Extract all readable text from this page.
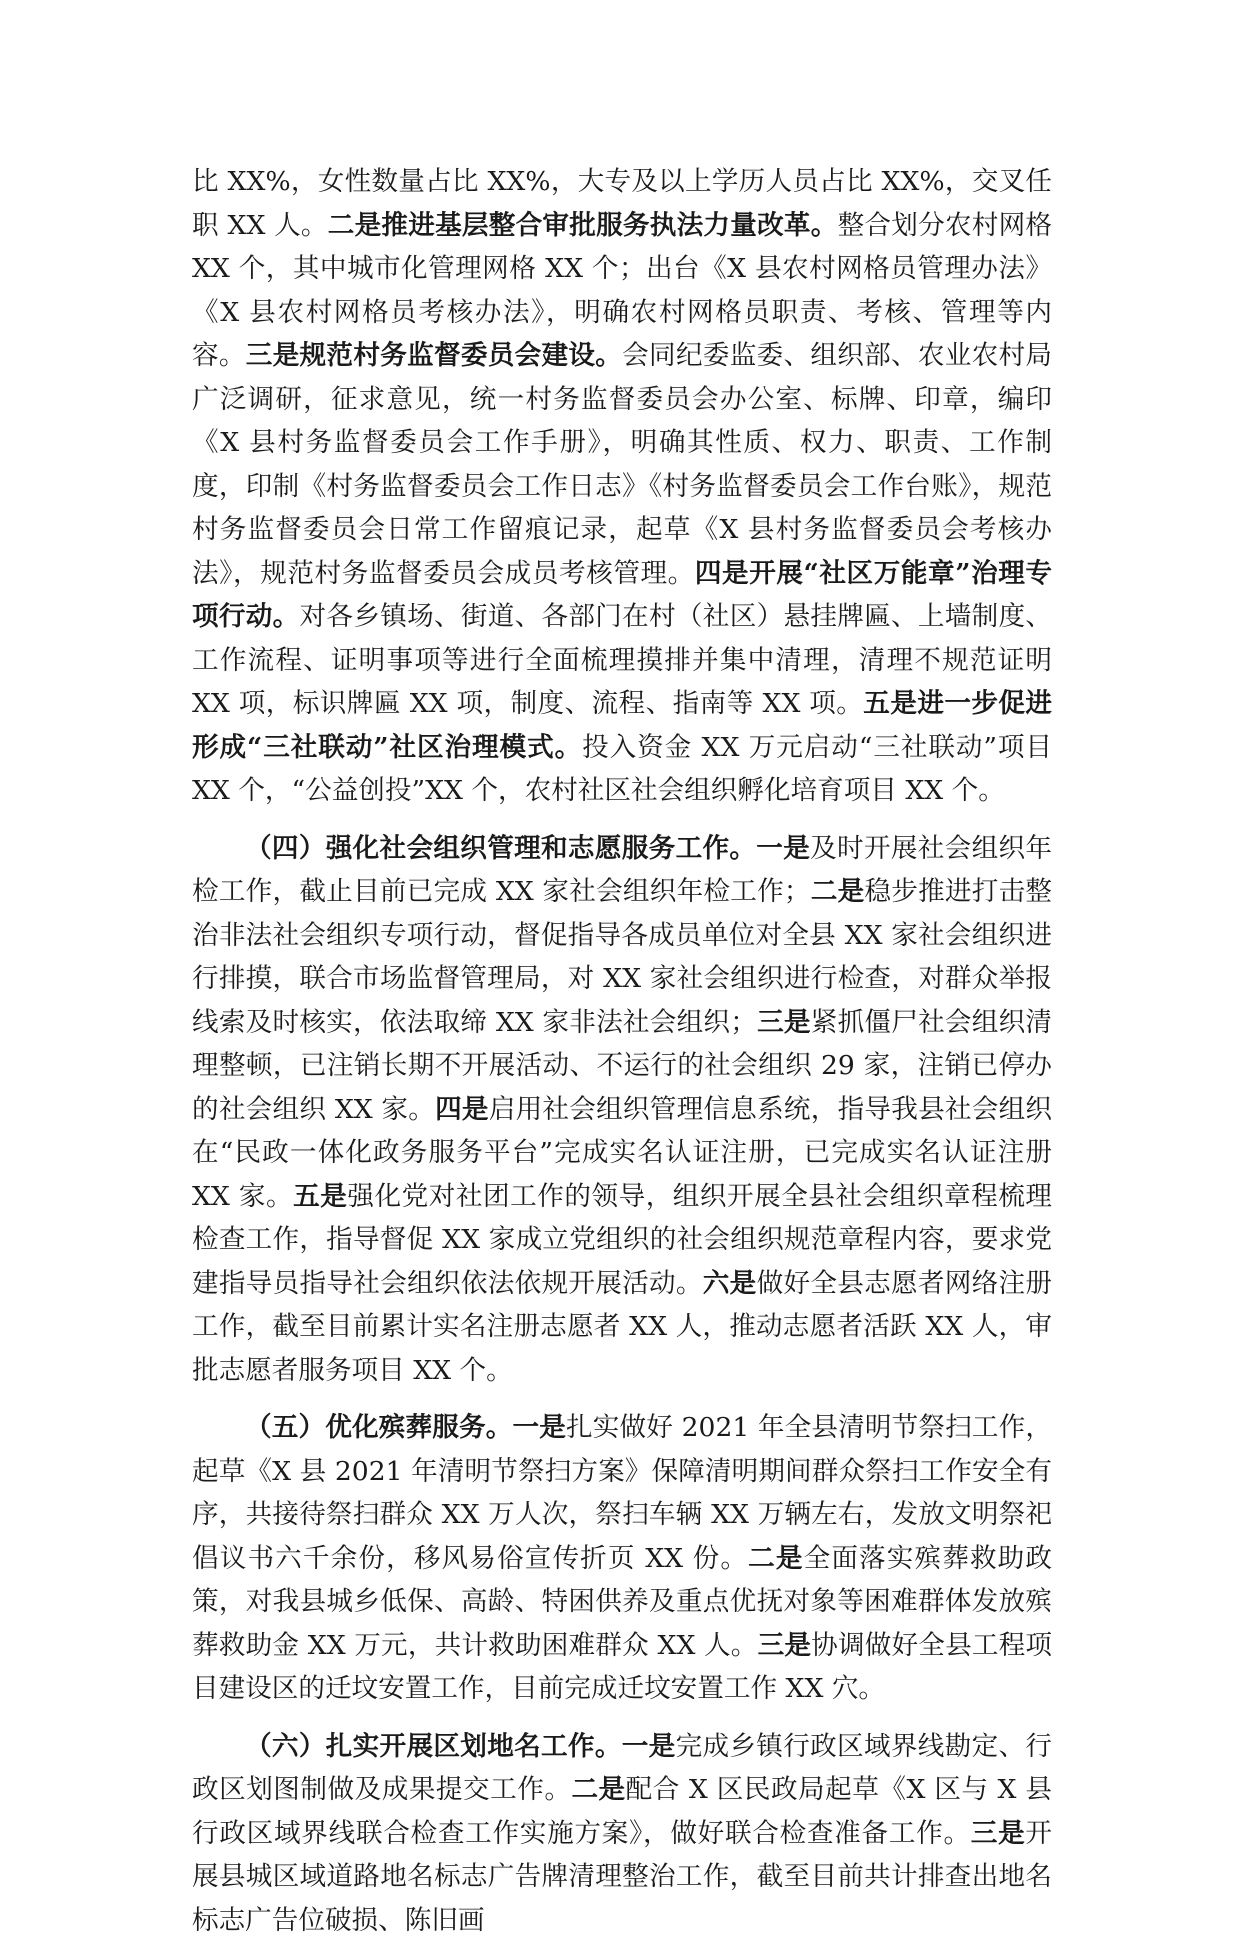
比 XX%，女性数量占比 XX%，大专及以上学历人员占比 XX%，交叉任职 XX 人。二是推进基层整合审批服务执法力量改革。整合划分农村网格 XX 个，其中城市化管理网格 XX 个；出台《X 县农村网格员管理办法》《X 县农村网格员考核办法》，明确农村网格员职责、考核、管理等内容。三是规范村务监督委员会建设。会同纪委监委、组织部、农业农村局广泛调研，征求意见，统一村务监督委员会办公室、标牌、印章，编印《X 县村务监督委员会工作手册》，明确其性质、权力、职责、工作制度，印制《村务监督委员会工作日志》《村务监督委员会工作台账》，规范村务监督委员会日常工作留痕记录，起草《X 县村务监督委员会考核办法》，规范村务监督委员会成员考核管理。四是开展“社区万能章”治理专项行动。对各乡镇场、街道、各部门在村（社区）悬挂牌匾、上墙制度、工作流程、证明事项等进行全面梳理摸排并集中清理，清理不规范证明 XX 项，标识牌匾 XX 项，制度、流程、指南等 XX 项。五是进一步促进形成“三社联动”社区治理模式。投入资金 XX 万元启动“三社联动”项目 XX 个，“公益创投”XX 个，农村社区社会组织孵化培育项目 XX 个。

（四）强化社会组织管理和志愿服务工作。一是及时开展社会组织年检工作，截止目前已完成 XX 家社会组织年检工作；二是稳步推进打击整治非法社会组织专项行动，督促指导各成员单位对全县 XX 家社会组织进行排摸，联合市场监督管理局，对 XX 家社会组织进行检查，对群众举报线索及时核实，依法取缔 XX 家非法社会组织；三是紧抓僵尸社会组织清理整顿，已注销长期不开展活动、不运行的社会组织 29 家，注销已停办的社会组织 XX 家。四是启用社会组织管理信息系统，指导我县社会组织在“民政一体化政务服务平台”完成实名认证注册，已完成实名认证注册 XX 家。五是强化党对社团工作的领导，组织开展全县社会组织章程梳理检查工作，指导督促 XX 家成立党组织的社会组织规范章程内容，要求党建指导员指导社会组织依法依规开展活动。六是做好全县志愿者网络注册工作，截至目前累计实名注册志愿者 XX 人，推动志愿者活跃 XX 人，审批志愿者服务项目 XX 个。

（五）优化殡葬服务。一是扎实做好 2021 年全县清明节祭扫工作，起草《X 县 2021 年清明节祭扫方案》保障清明期间群众祭扫工作安全有序，共接待祭扫群众 XX 万人次，祭扫车辆 XX 万辆左右，发放文明祭祀倡议书六千余份，移风易俗宣传折页 XX 份。二是全面落实殡葬救助政策，对我县城乡低保、高龄、特困供养及重点优抚对象等困难群体发放殡葬救助金 XX 万元，共计救助困难群众 XX 人。三是协调做好全县工程项目建设区的迁坟安置工作，目前完成迁坟安置工作 XX 穴。

（六）扎实开展区划地名工作。一是完成乡镇行政区域界线勘定、行政区划图制做及成果提交工作。二是配合 X 区民政局起草《X 区与 X 县行政区域界线联合检查工作实施方案》，做好联合检查准备工作。三是开展县城区域道路地名标志广告牌清理整治工作，截至目前共计排查出地名标志广告位破损、陈旧画
